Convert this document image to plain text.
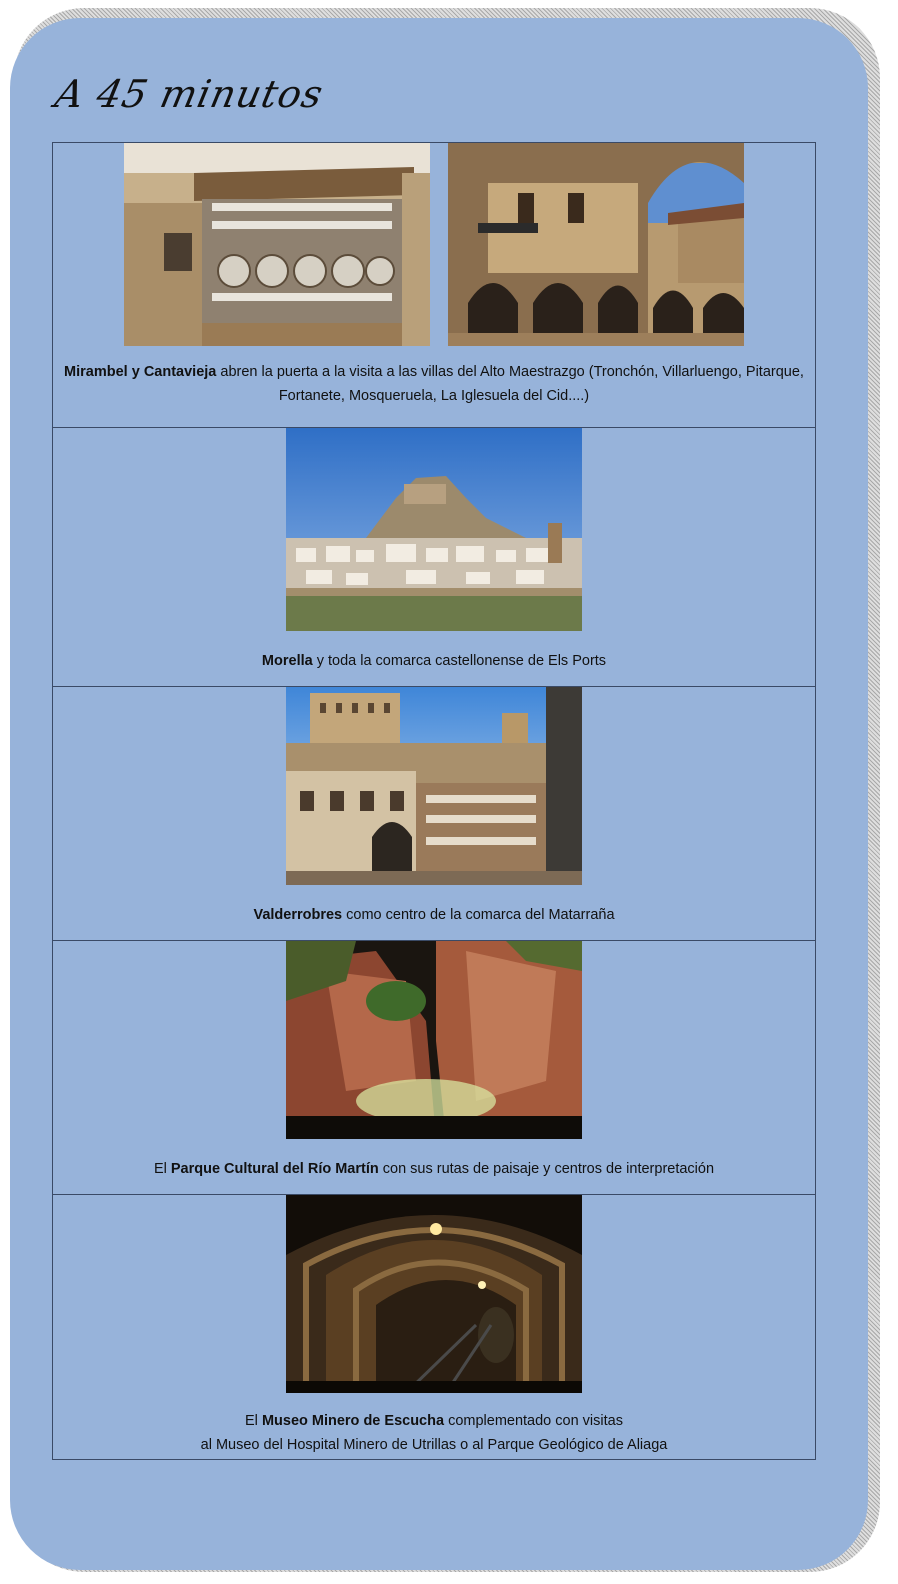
A 45 minutos
Mirambel y Cantavieja abren la puerta a la visita a las villas del Alto Maestrazgo (Tronchón, Villarluengo, Pitarque, Fortanete, Mosqueruela, La Iglesuela del Cid....)
Morella y toda la comarca castellonense de Els Ports
Valderrobres como centro de la comarca del Matarraña
El Parque Cultural del Río Martín con sus rutas de paisaje y centros de interpretación
El Museo Minero de Escucha complementado con visitas
al Museo del Hospital Minero de Utrillas o al Parque Geológico de Aliaga
